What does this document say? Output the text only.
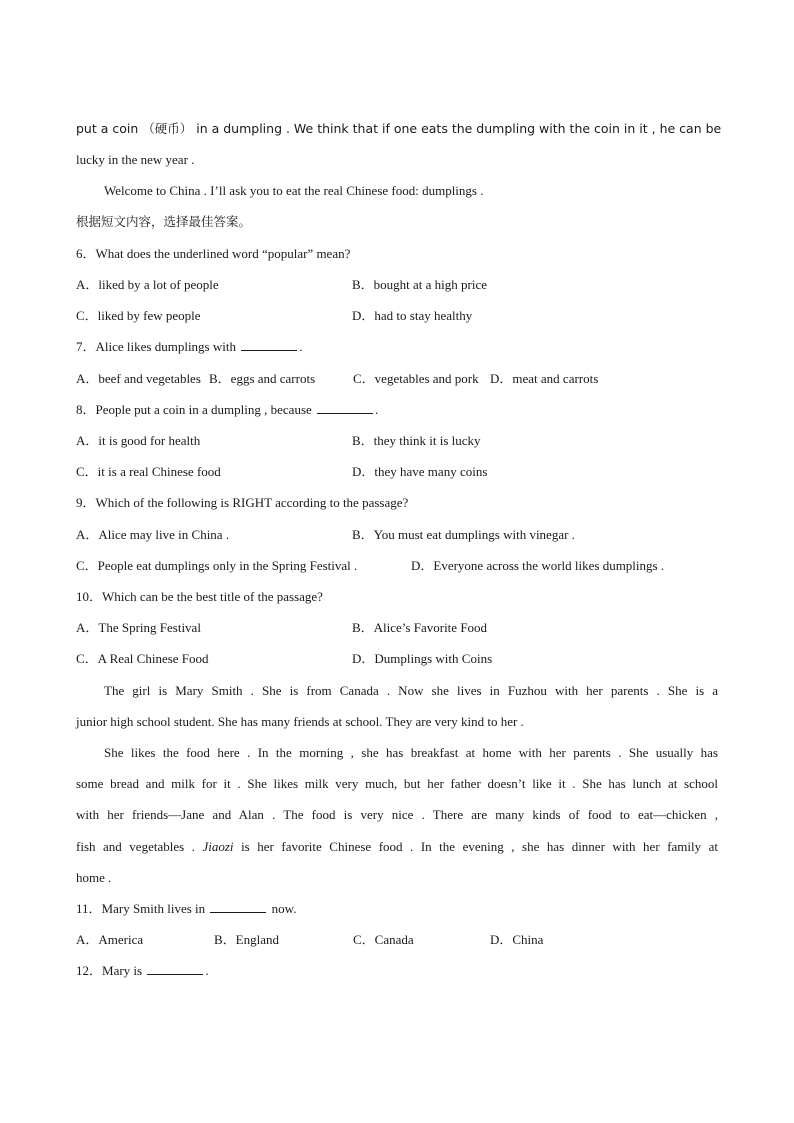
put a coin （硬币） in a dumpling . We think that if one eats the dumpling with the coin in it , he can be
lucky in the new year .
Welcome to China . I’ll ask you to eat the real Chinese food: dumplings .
根据短文内容，选择最佳答案。
6．What does the underlined word “popular” mean?
A．liked by a lot of people	B．bought at a high price
C．liked by few people	D．had to stay healthy
7．Alice likes dumplings with	.
A．beef and vegetables B．eggs and carrots	C．vegetables and pork D．meat and carrots
8．People put a coin in a dumpling , because	.
A．it is good for health	B．they think it is lucky
C．it is a real Chinese food	D．they have many coins
9．Which of the following is RIGHT according to the passage?
A．Alice may live in China .	B．You must eat dumplings with vinegar .
C．People eat dumplings only in the Spring Festival .	D．Everyone across the world likes dumplings .
10．Which can be the best title of the passage?
A．The Spring Festival	B．Alice’s Favorite Food
C．A Real Chinese Food	D．Dumplings with Coins
The girl is Mary Smith . She is from Canada . Now she lives in Fuzhou with her parents . She is a
junior high school student. She has many friends at school. They are very kind to her .
She likes the food here . In the morning , she has breakfast at home with her parents . She usually has
some bread and milk for it . She likes milk very much, but her father doesn’t like it . She has lunch at school
with her friends—Jane and Alan . The food is very nice . There are many kinds of food to eat—chicken ,
fish and vegetables . Jiaozi is her favorite Chinese food . In the evening , she has dinner with her family at
home .
11．Mary Smith lives in	now.
A．America	B．England	C．Canada	D．China
12．Mary is	.
